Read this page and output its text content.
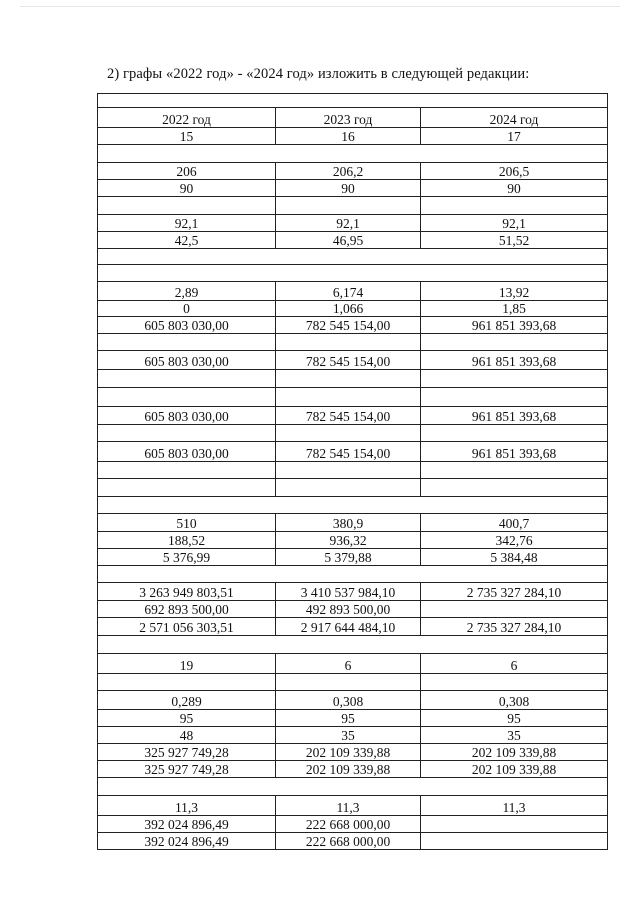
2) графы «2022 год» - «2024 год» изложить в следующей редакции:
2022 год	2023 год	2024 год
15	16	17
206	206,2	206,5
90	90	90
92,1	92,1	92,1
42,5	46,95	51,52
2,89	6,174	13,92
0	1,066	1,85
605 803 030,00	782 545 154,00	961 851 393,68
605 803 030,00	782 545 154,00	961 851 393,68
605 803 030,00	782 545 154,00	961 851 393,68
605 803 030,00	782 545 154,00	961 851 393,68
510	380,9	400,7
188,52	936,32	342,76
5 376,99	5 379,88	5 384,48
3 263 949 803,51	3 410 537 984,10	2 735 327 284,10
692 893 500,00	492 893 500,00
2 571 056 303,51	2 917 644 484,10	2 735 327 284,10
19	6	6
0,289	0,308	0,308
95	95	95
48	35	35
325 927 749,28	202 109 339,88	202 109 339,88
325 927 749,28	202 109 339,88	202 109 339,88
11,3	11,3	11,3
392 024 896,49	222 668 000,00
392 024 896,49	222 668 000,00
